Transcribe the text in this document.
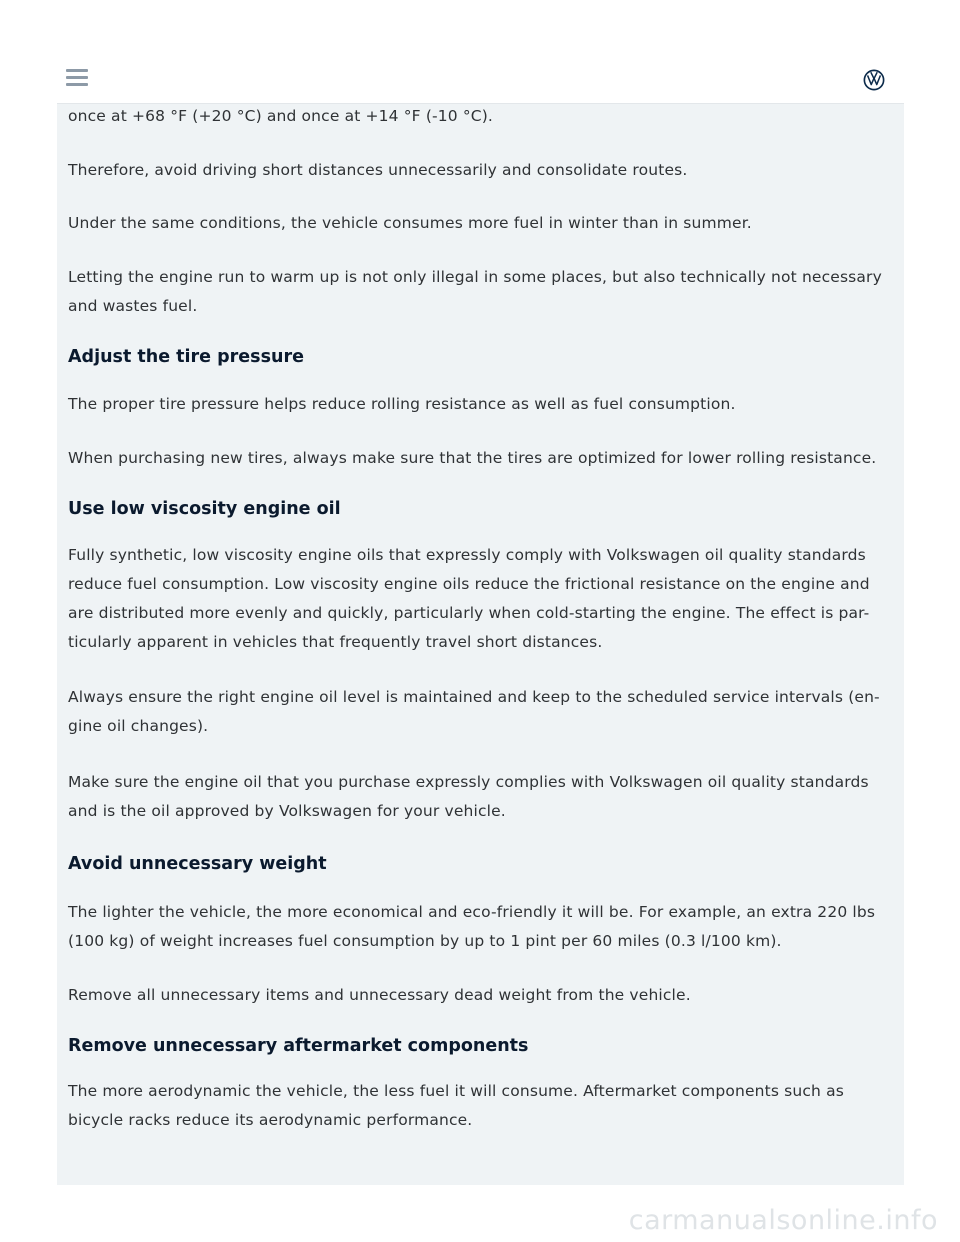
once at +68 °F (+20 °C) and once at +14 °F (-10 °C).

Therefore, avoid driving short distances unnecessarily and consolidate routes.

Under the same conditions, the vehicle consumes more fuel in winter than in summer.

Letting the engine run to warm up is not only illegal in some places, but also technically not necessary

and wastes fuel.

Adjust the tire pressure

The proper tire pressure helps reduce rolling resistance as well as fuel consumption.

When purchasing new tires, always make sure that the tires are optimized for lower rolling resistance.

Use low viscosity engine oil

Fully synthetic, low viscosity engine oils that expressly comply with Volkswagen oil quality standards

reduce fuel consumption. Low viscosity engine oils reduce the frictional resistance on the engine and

are distributed more evenly and quickly, particularly when cold-starting the engine. The effect is par-

ticularly apparent in vehicles that frequently travel short distances.

Always ensure the right engine oil level is maintained and keep to the scheduled service intervals (en-

gine oil changes).

Make sure the engine oil that you purchase expressly complies with Volkswagen oil quality standards

and is the oil approved by Volkswagen for your vehicle.

Avoid unnecessary weight

The lighter the vehicle, the more economical and eco-friendly it will be. For example, an extra 220 lbs

(100 kg) of weight increases fuel consumption by up to 1 pint per 60 miles (0.3 l/100 km).

Remove all unnecessary items and unnecessary dead weight from the vehicle.

Remove unnecessary aftermarket components

The more aerodynamic the vehicle, the less fuel it will consume. Aftermarket components such as

bicycle racks reduce its aerodynamic performance.

carmanualsonline.info
